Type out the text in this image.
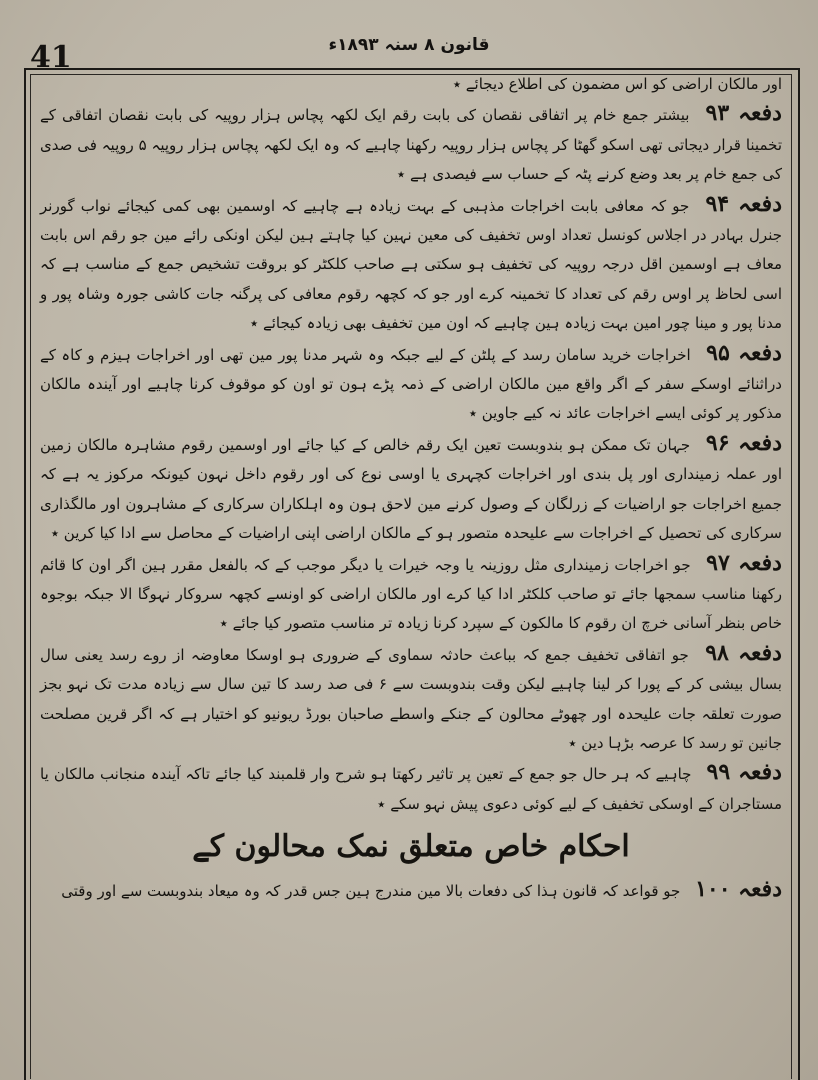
41	قانون ۸ سنہ ۱۸۹۳ء

اور مالکان اراضی کو اس مضمون کی اطلاع دیجائے ٭

دفعہ ۹۳ بیشتر جمع خام پر اتفاقی نقصان کی بابت رقم ایک لکھہ پچاس ہزار روپیہ کی بابت نقصان اتفاقی کے تخمینا قرار دیجاتی تھی اسکو گھٹا کر پچاس ہزار روپیہ رکھنا چاہیے کہ وہ ایک لکھہ پچاس ہزار روپیہ ۵ روپیہ فی صدی کی جمع خام پر بعد وضع کرنے پٹہ کے حساب سے فیصدی ہے ٭

دفعہ ۹۴ جو کہ معافی بابت اخراجات مذہبی کے بہت زیادہ ہے چاہیے کہ اوسمین بھی کمی کیجائے نواب گورنر جنرل بہادر در اجلاس کونسل تعداد اوس تخفیف کی معین نہین کیا چاہتے ہین لیکن اونکی رائے مین جو رقم اس بابت معاف ہے اوسمین اقل درجہ روپیہ کی تخفیف ہو سکتی ہے صاحب کلکٹر کو بروقت تشخیص جمع کے مناسب ہے کہ اسی لحاظ پر اوس رقم کی تعداد کا تخمینہ کرے اور جو کہ کچھہ رقوم معافی کی پرگنہ جات کاشی جورہ وشاہ پور و مدنا پور و مینا چور امین بہت زیادہ ہین چاہیے کہ اون مین تخفیف بھی زیادہ کیجائے ٭

دفعہ ۹۵ اخراجات خرید سامان رسد کے پلٹن کے لیے جبکہ وہ شہر مدنا پور مین تھی اور اخراجات ہیزم و کاہ کے دراثنائے اوسکے سفر کے اگر واقع مین مالکان اراضی کے ذمہ پڑے ہون تو اون کو موقوف کرنا چاہیے اور آیندہ مالکان مذکور پر کوئی ایسے اخراجات عائد نہ کیے جاوین ٭

دفعہ ۹۶ جہان تک ممکن ہو بندوبست تعین ایک رقم خالص کے کیا جائے اور اوسمین رقوم مشاہرہ مالکان زمین اور عملہ زمینداری اور پل بندی اور اخراجات کچہری یا اوسی نوع کی اور رقوم داخل نہون کیونکہ مرکوز یہ ہے کہ جمیع اخراجات جو اراضیات کے زرلگان کے وصول کرنے مین لاحق ہون وہ اہلکاران سرکاری کے مشاہرون اور مالگذاری سرکاری کی تحصیل کے اخراجات سے علیحدہ متصور ہو کے مالکان اراضی اپنی اراضیات کے محاصل سے ادا کیا کرین ٭

دفعہ ۹۷ جو اخراجات زمینداری مثل روزینہ یا وجہ خیرات یا دیگر موجب کے کہ بالفعل مقرر ہین اگر اون کا قائم رکھنا مناسب سمجھا جائے تو صاحب کلکٹر ادا کیا کرے اور مالکان اراضی کو اونسے کچھہ سروکار نہوگا الا جبکہ بوجوہ خاص بنظر آسانی خرچ ان رقوم کا مالکون کے سپرد کرنا زیادہ تر مناسب متصور کیا جائے ٭

دفعہ ۹۸ جو اتفاقی تخفیف جمع کہ بباعث حادثہ سماوی کے ضروری ہو اوسکا معاوضہ از روے رسد یعنی سال بسال بیشی کر کے پورا کر لینا چاہیے لیکن وقت بندوبست سے ۶ فی صد رسد کا تین سال سے زیادہ مدت تک نہو بجز صورت تعلقہ جات علیحدہ اور چھوٹے محالون کے جنکے واسطے صاحبان بورڈ ریونیو کو اختیار ہے کہ اگر قرین مصلحت جانین تو رسد کا عرصہ بڑہا دین ٭

دفعہ ۹۹ چاہیے کہ ہر حال جو جمع کے تعین پر تاثیر رکھتا ہو شرح وار قلمبند کیا جائے تاکہ آیندہ منجانب مالکان یا مستاجران کے اوسکی تخفیف کے لیے کوئی دعوی پیش نہو سکے ٭

احکام خاص متعلق نمک محالون کے

دفعہ ۱۰۰ جو قواعد کہ قانون ہذا کی دفعات بالا مین مندرج ہین جس قدر کہ وہ میعاد بندوبست سے اور وقتی
